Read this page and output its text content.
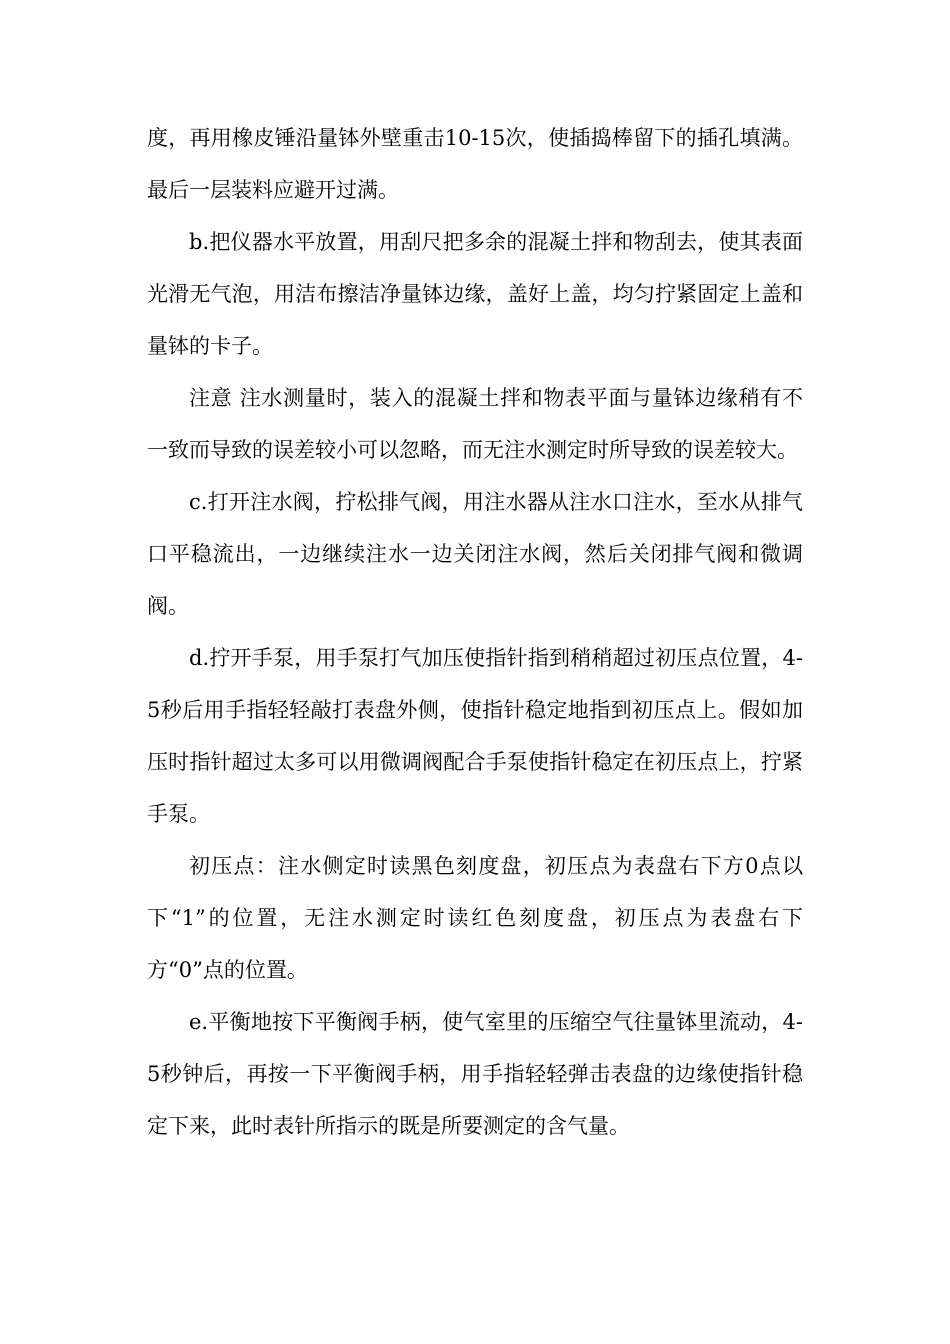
度，再用橡皮锤沿量钵外壁重击10-15次，使插捣棒留下的插孔填满。最后一层装料应避开过满。

b.把仪器水平放置，用刮尺把多余的混凝土拌和物刮去，使其表面光滑无气泡，用洁布擦洁净量钵边缘，盖好上盖，均匀拧紧固定上盖和量钵的卡子。

注意 注水测量时，装入的混凝土拌和物表平面与量钵边缘稍有不一致而导致的误差较小可以忽略，而无注水测定时所导致的误差较大。

c.打开注水阀，拧松排气阀，用注水器从注水口注水，至水从排气口平稳流出，一边继续注水一边关闭注水阀，然后关闭排气阀和微调阀。

d.拧开手泵，用手泵打气加压使指针指到稍稍超过初压点位置，4-5秒后用手指轻轻敲打表盘外侧，使指针稳定地指到初压点上。假如加压时指针超过太多可以用微调阀配合手泵使指针稳定在初压点上，拧紧手泵。

初压点：注水侧定时读黑色刻度盘，初压点为表盘右下方0点以下“1”的位置，无注水测定时读红色刻度盘，初压点为表盘右下方“0”点的位置。

e.平衡地按下平衡阀手柄，使气室里的压缩空气往量钵里流动，4-5秒钟后，再按一下平衡阀手柄，用手指轻轻弹击表盘的边缘使指针稳定下来，此时表针所指示的既是所要测定的含气量。
